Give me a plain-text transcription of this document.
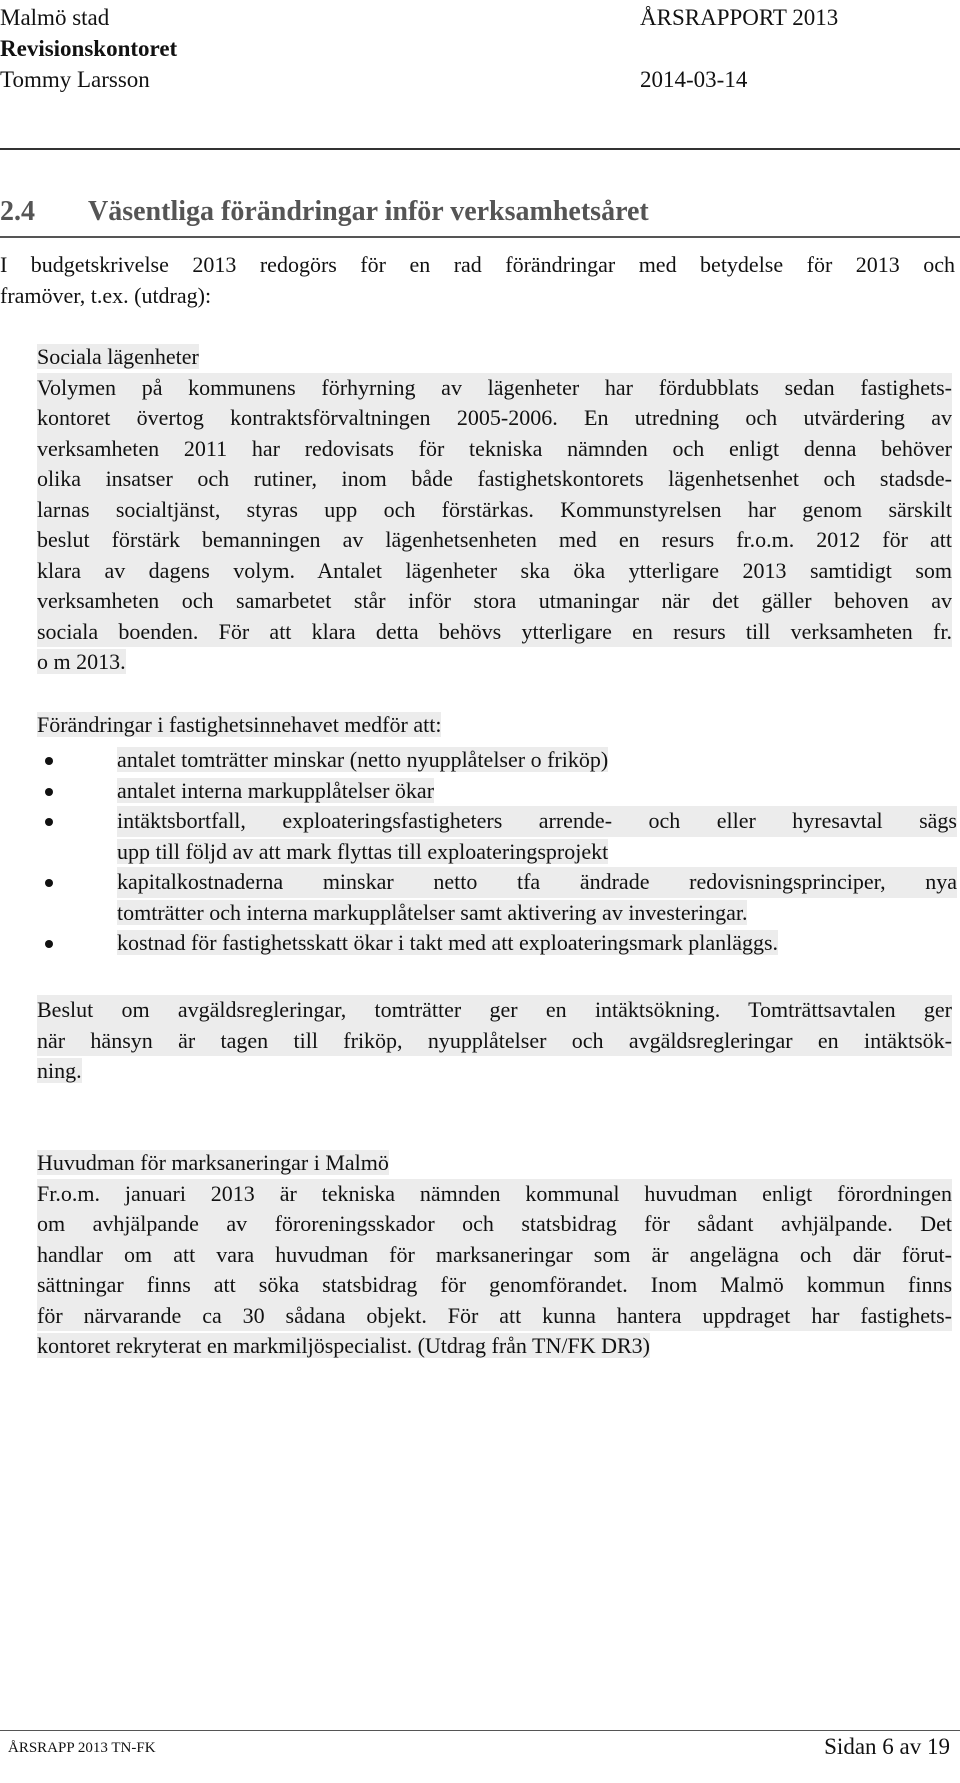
Malmö stad	ÅRSRAPPORT 2013
Revisionskontoret
Tommy Larsson	2014-03-14
2.4 Väsentliga förändringar inför verksamhetsåret
I budgetskrivelse 2013 redogörs för en rad förändringar med betydelse för 2013 och
framöver, t.ex. (utdrag):
Sociala lägenheter
Volymen på kommunens förhyrning av lägenheter har fördubblats sedan fastighets-
kontoret övertog kontraktsförvaltningen 2005-2006. En utredning och utvärdering av
verksamheten 2011 har redovisats för tekniska nämnden och enligt denna behöver
olika insatser och rutiner, inom både fastighetskontorets lägenhetsenhet och stadsde-
larnas socialtjänst, styras upp och förstärkas. Kommunstyrelsen har genom särskilt
beslut förstärk bemanningen av lägenhetsenheten med en resurs fr.o.m. 2012 för att
klara av dagens volym. Antalet lägenheter ska öka ytterligare 2013 samtidigt som
verksamheten och samarbetet står inför stora utmaningar när det gäller behoven av
sociala boenden. För att klara detta behövs ytterligare en resurs till verksamheten fr.
o m 2013.
Förändringar i fastighetsinnehavet medför att:
antalet tomträtter minskar (netto nyupplåtelser o friköp)
antalet interna markupplåtelser ökar
intäktsbortfall, exploateringsfastigheters arrende- och eller hyresavtal sägs
upp till följd av att mark flyttas till exploateringsprojekt
kapitalkostnaderna minskar netto tfa ändrade redovisningsprinciper, nya
tomträtter och interna markupplåtelser samt aktivering av investeringar.
kostnad för fastighetsskatt ökar i takt med att exploateringsmark planläggs.
Beslut om avgäldsregleringar, tomträtter ger en intäktsökning. Tomträttsavtalen ger
när hänsyn är tagen till friköp, nyupplåtelser och avgäldsregleringar en intäktsök-
ning.
Huvudman för marksaneringar i Malmö
Fr.o.m. januari 2013 är tekniska nämnden kommunal huvudman enligt förordningen
om avhjälpande av föroreningsskador och statsbidrag för sådant avhjälpande. Det
handlar om att vara huvudman för marksaneringar som är angelägna och där förut-
sättningar finns att söka statsbidrag för genomförandet. Inom Malmö kommun finns
för närvarande ca 30 sådana objekt. För att kunna hantera uppdraget har fastighets-
kontoret rekryterat en markmiljöspecialist. (Utdrag från TN/FK DR3)
ÅRSRAPP 2013 TN-FK	Sidan 6 av 19
